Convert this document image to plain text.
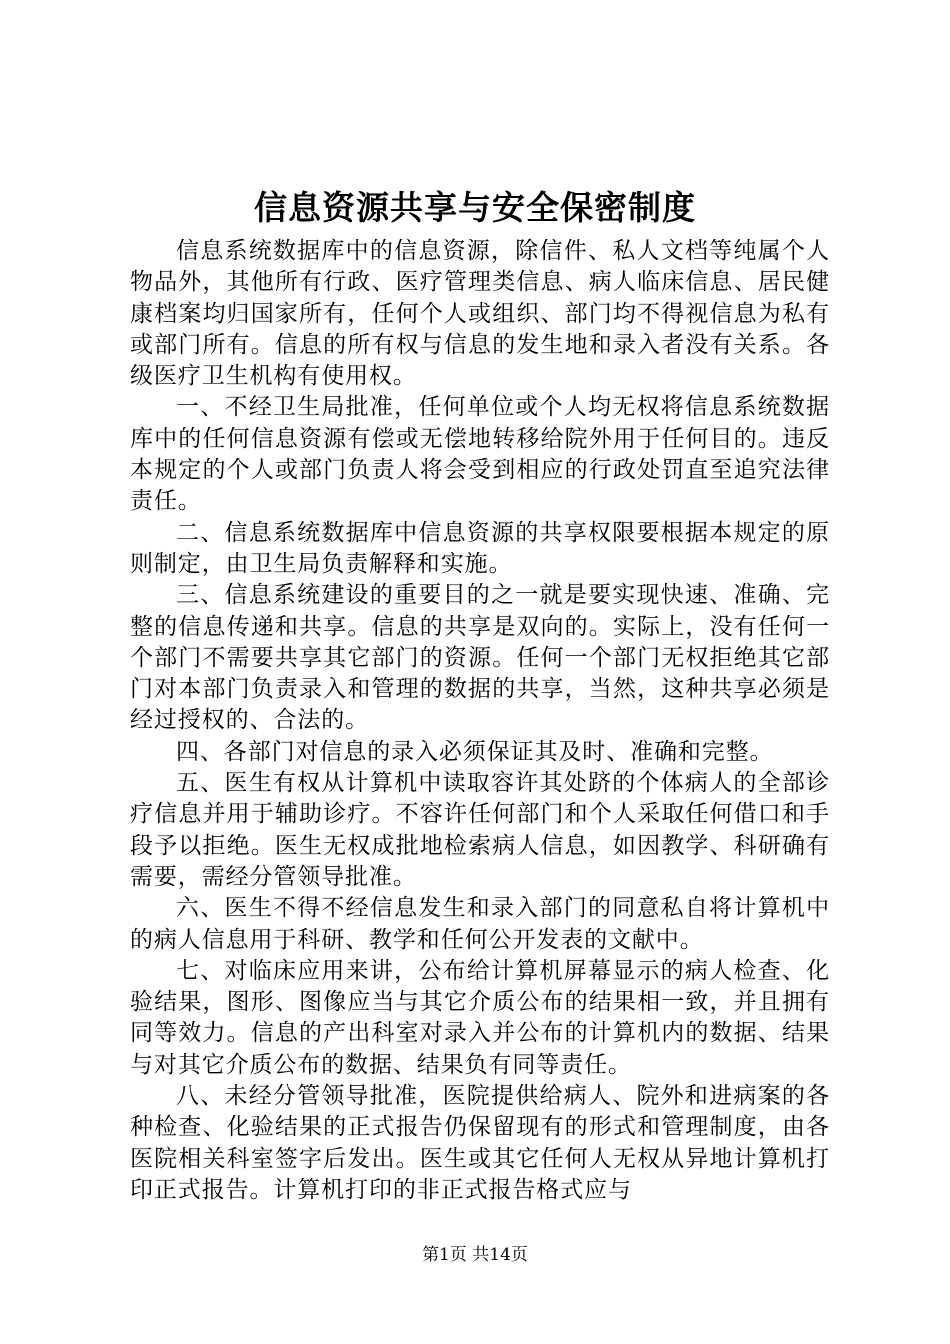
信息资源共享与安全保密制度

信息系统数据库中的信息资源，除信件、私人文档等纯属个人物品外，其他所有行政、医疗管理类信息、病人临床信息、居民健康档案均归国家所有，任何个人或组织、部门均不得视信息为私有或部门所有。信息的所有权与信息的发生地和录入者没有关系。各级医疗卫生机构有使用权。

一、不经卫生局批准，任何单位或个人均无权将信息系统数据库中的任何信息资源有偿或无偿地转移给院外用于任何目的。违反本规定的个人或部门负责人将会受到相应的行政处罚直至追究法律责任。

二、信息系统数据库中信息资源的共享权限要根据本规定的原则制定，由卫生局负责解释和实施。

三、信息系统建设的重要目的之一就是要实现快速、准确、完整的信息传递和共享。信息的共享是双向的。实际上，没有任何一个部门不需要共享其它部门的资源。任何一个部门无权拒绝其它部门对本部门负责录入和管理的数据的共享，当然，这种共享必须是经过授权的、合法的。

四、各部门对信息的录入必须保证其及时、准确和完整。

五、医生有权从计算机中读取容许其处跻的个体病人的全部诊疗信息并用于辅助诊疗。不容许任何部门和个人采取任何借口和手段予以拒绝。医生无权成批地检索病人信息，如因教学、科研确有需要，需经分管领导批准。

六、医生不得不经信息发生和录入部门的同意私自将计算机中的病人信息用于科研、教学和任何公开发表的文献中。

七、对临床应用来讲，公布给计算机屏幕显示的病人检查、化验结果，图形、图像应当与其它介质公布的结果相一致，并且拥有同等效力。信息的产出科室对录入并公布的计算机内的数据、结果与对其它介质公布的数据、结果负有同等责任。

八、未经分管领导批准，医院提供给病人、院外和进病案的各种检查、化验结果的正式报告仍保留现有的形式和管理制度，由各医院相关科室签字后发出。医生或其它任何人无权从异地计算机打印正式报告。计算机打印的非正式报告格式应与

第1页 共14页
